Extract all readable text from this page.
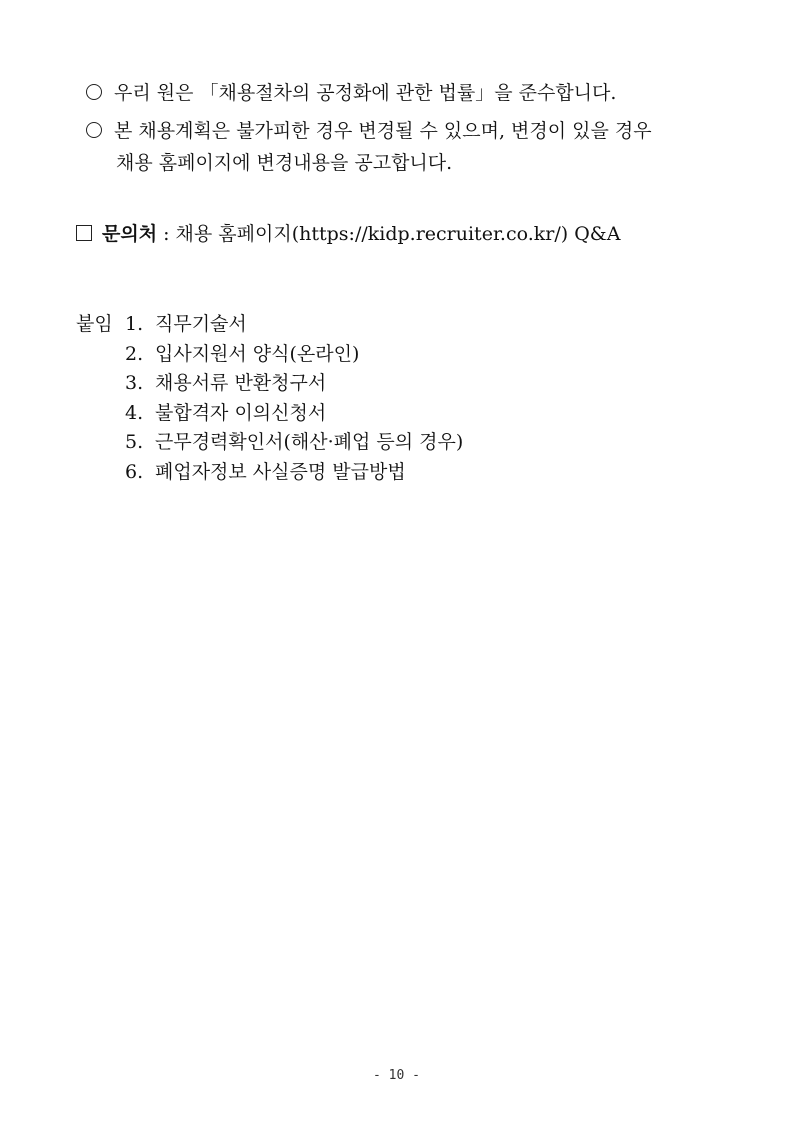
우리 원은 「채용절차의 공정화에 관한 법률」을 준수합니다.
본 채용계획은 불가피한 경우 변경될 수 있으며, 변경이 있을 경우
채용 홈페이지에 변경내용을 공고합니다.
문의처 : 채용 홈페이지(https://kidp.recruiter.co.kr/) Q&A
붙임 1. 직무기술서
2. 입사지원서 양식(온라인)
3. 채용서류 반환청구서
4. 불합격자 이의신청서
5. 근무경력확인서(해산·폐업 등의 경우)
6. 폐업자정보 사실증명 발급방법
- 10 -
